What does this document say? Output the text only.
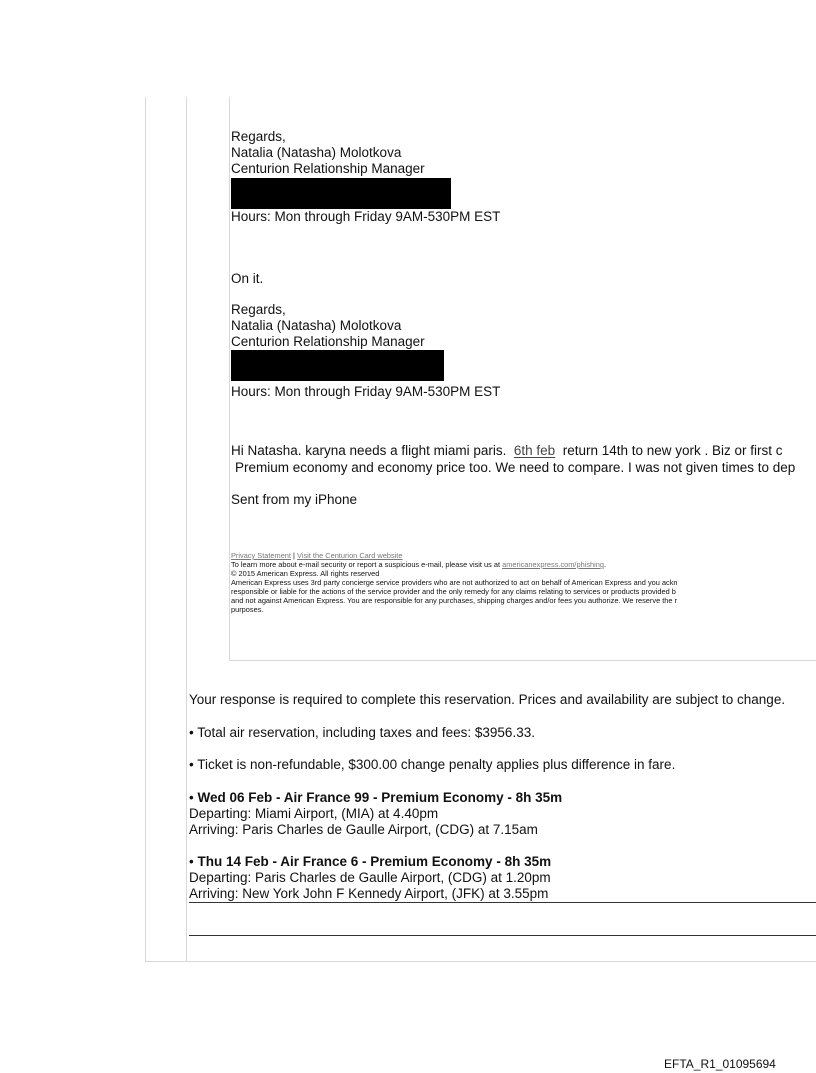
Regards,
Natalia (Natasha) Molotkova
Centurion Relationship Manager
Hours: Mon through Friday 9AM-530PM EST
On it.
Regards,
Natalia (Natasha) Molotkova
Centurion Relationship Manager
Hours: Mon through Friday 9AM-530PM EST
Hi Natasha. karyna needs a flight miami paris. 6th feb return 14th to new york . Biz or first c
Premium economy and economy price too. We need to compare. I was not given times to dep
Sent from my iPhone
Privacy Statement | Visit the Centurion Card website
To learn more about e-mail security or report a suspicious e-mail, please visit us at americanexpress.com/phishing.
© 2015 American Express. All rights reserved
American Express uses 3rd party concierge service providers who are not authorized to act on behalf of American Express and you ackn
responsible or liable for the actions of the service provider and the only remedy for any claims relating to services or products provided b
and not against American Express. You are responsible for any purchases, shipping charges and/or fees you authorize. We reserve the r
purposes.
Your response is required to complete this reservation. Prices and availability are subject to change.
• Total air reservation, including taxes and fees: $3956.33.
• Ticket is non-refundable, $300.00 change penalty applies plus difference in fare.
• Wed 06 Feb - Air France 99 - Premium Economy - 8h 35m
Departing: Miami Airport, (MIA) at 4.40pm
Arriving: Paris Charles de Gaulle Airport, (CDG) at 7.15am
• Thu 14 Feb - Air France 6 - Premium Economy - 8h 35m
Departing: Paris Charles de Gaulle Airport, (CDG) at 1.20pm
Arriving: New York John F Kennedy Airport, (JFK) at 3.55pm
EFTA_R1_01095694
